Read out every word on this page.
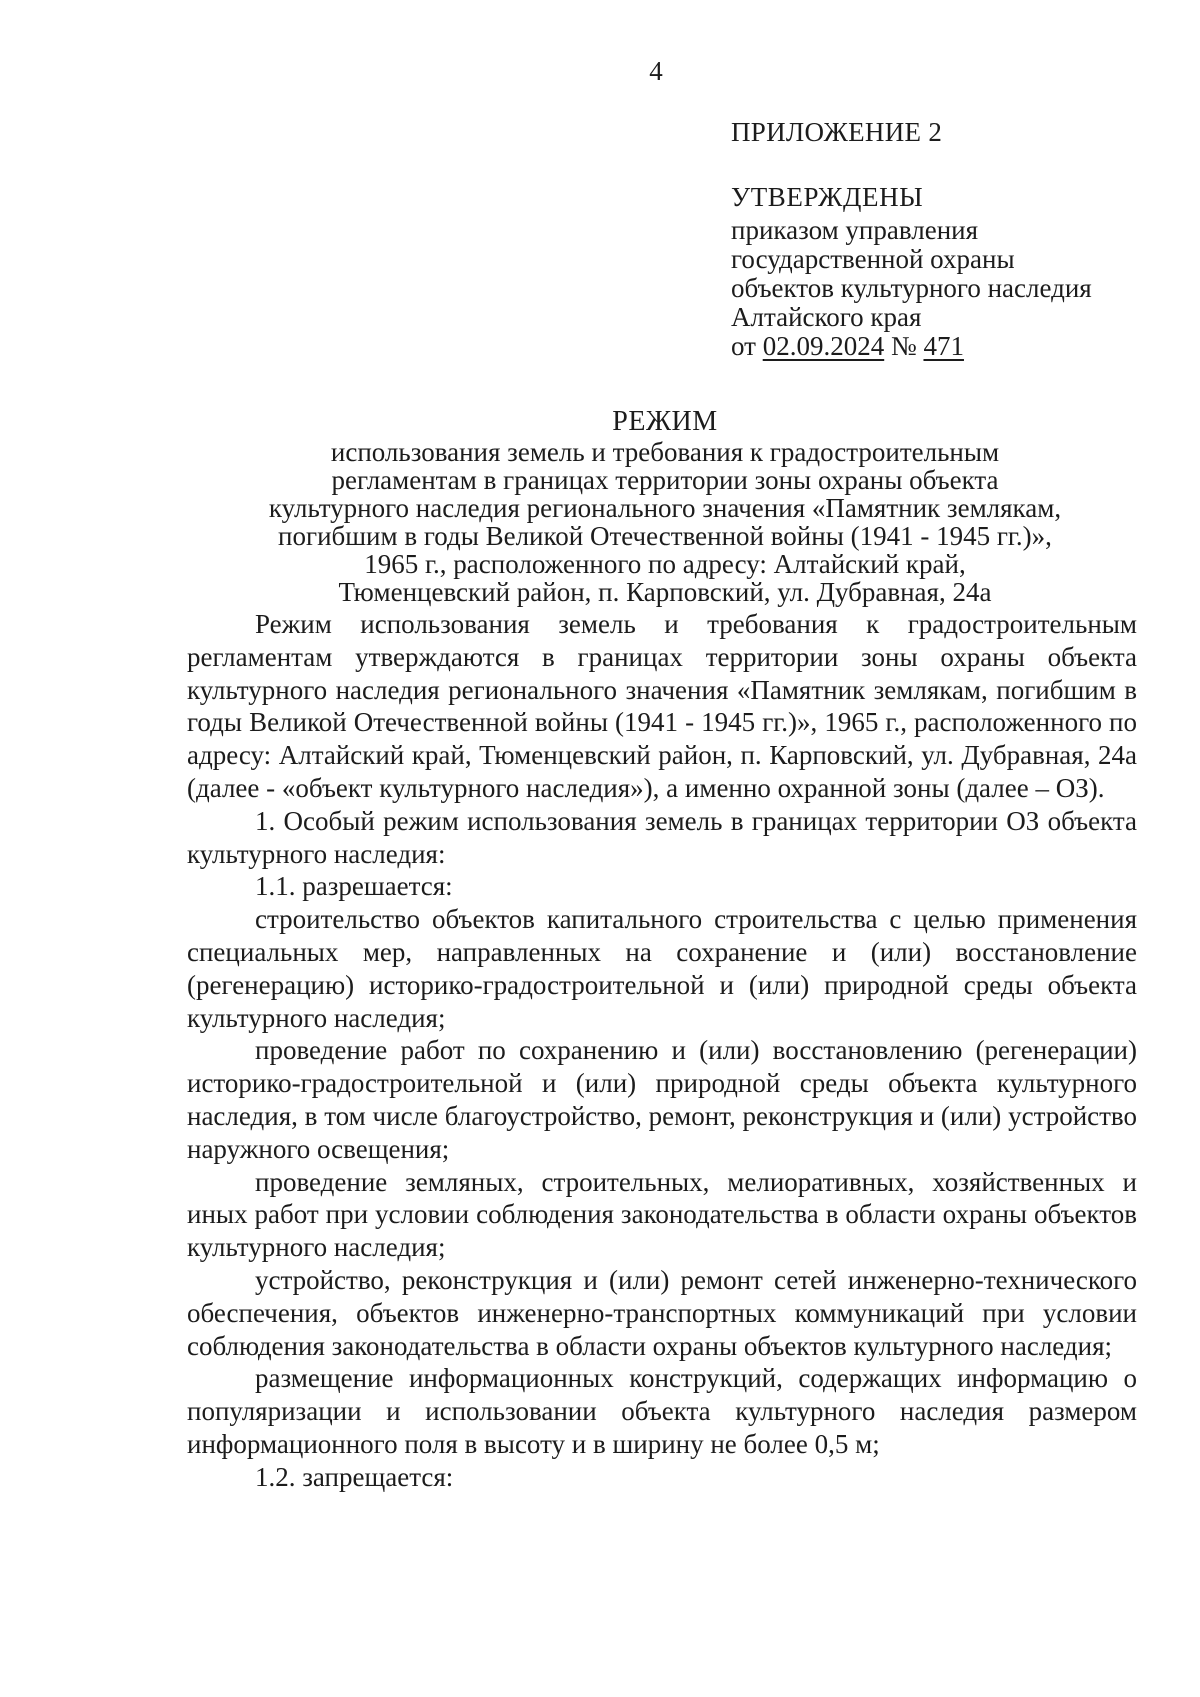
4
ПРИЛОЖЕНИЕ 2
УТВЕРЖДЕНЫ
приказом управления
государственной охраны
объектов культурного наследия
Алтайского края
от 02.09.2024 № 471
РЕЖИМ
использования земель и требования к градостроительным
регламентам в границах территории зоны охраны объекта
культурного наследия регионального значения «Памятник землякам,
погибшим в годы Великой Отечественной войны (1941 - 1945 гг.)»,
1965 г., расположенного по адресу: Алтайский край,
Тюменцевский район, п. Карповский, ул. Дубравная, 24а

Режим использования земель и требования к градостроительным регламентам утверждаются в границах территории зоны охраны объекта культурного наследия регионального значения «Памятник землякам, погибшим в годы Великой Отечественной войны (1941 - 1945 гг.)», 1965 г., расположенного по адресу: Алтайский край, Тюменцевский район, п. Карповский, ул. Дубравная, 24а (далее - «объект культурного наследия»), а именно охранной зоны (далее – ОЗ).

1. Особый режим использования земель в границах территории ОЗ объекта культурного наследия:

1.1. разрешается:

строительство объектов капитального строительства с целью применения специальных мер, направленных на сохранение и (или) восстановление (регенерацию) историко-градостроительной и (или) природной среды объекта культурного наследия;

проведение работ по сохранению и (или) восстановлению (регенерации) историко-градостроительной и (или) природной среды объекта культурного наследия, в том числе благоустройство, ремонт, реконструкция и (или) устройство наружного освещения;

проведение земляных, строительных, мелиоративных, хозяйственных и иных работ при условии соблюдения законодательства в области охраны объектов культурного наследия;

устройство, реконструкция и (или) ремонт сетей инженерно-технического обеспечения, объектов инженерно-транспортных коммуникаций при условии соблюдения законодательства в области охраны объектов культурного наследия;

размещение информационных конструкций, содержащих информацию о популяризации и использовании объекта культурного наследия размером информационного поля в высоту и в ширину не более 0,5 м;

1.2. запрещается:
